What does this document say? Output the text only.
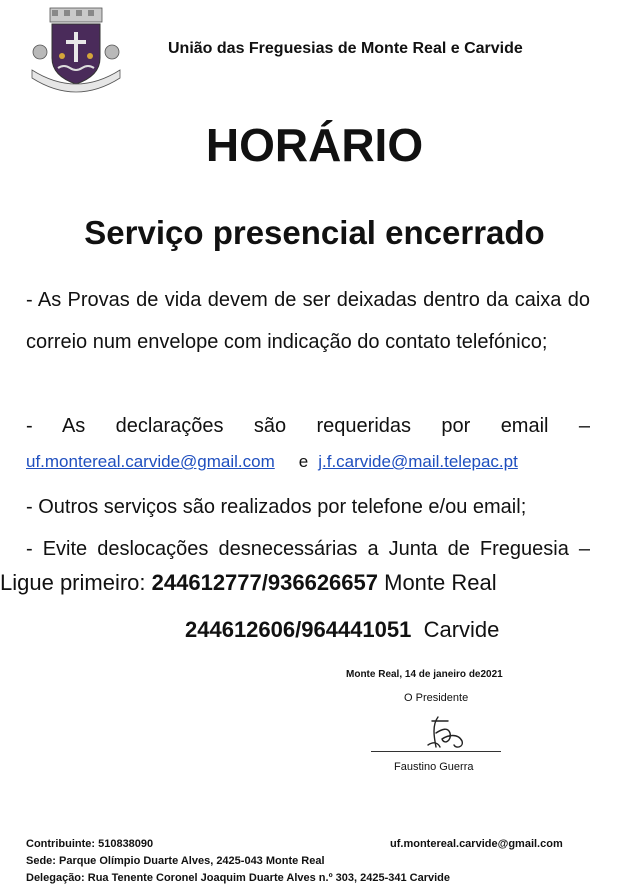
União das Freguesias de Monte Real e Carvide
HORÁRIO
Serviço presencial encerrado
- As Provas de vida devem de ser deixadas dentro da caixa do correio num envelope com indicação do contato telefónico;
- As declarações são requeridas por email –
uf.montereal.carvide@gmail.com e j.f.carvide@mail.telepac.pt
- Outros serviços são realizados por telefone e/ou email;
- Evite deslocações desnecessárias a Junta de Freguesia –
Ligue primeiro: 244612777/936626657 Monte Real
244612606/964441051 Carvide
Monte Real, 14 de janeiro de2021
O Presidente
Faustino Guerra
Contribuinte: 510838090	uf.montereal.carvide@gmail.com
Sede: Parque Olímpio Duarte Alves, 2425-043 Monte Real
Delegação: Rua Tenente Coronel Joaquim Duarte Alves n.º 303, 2425-341 Carvide
